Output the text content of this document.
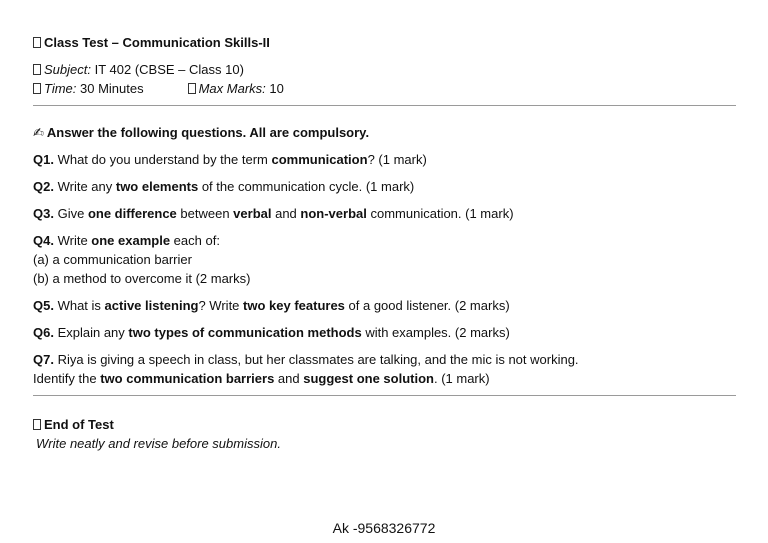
Class Test – Communication Skills-II
Subject: IT 402 (CBSE – Class 10)
Time: 30 Minutes	Max Marks: 10
✍ Answer the following questions. All are compulsory.
Q1. What do you understand by the term communication? (1 mark)
Q2. Write any two elements of the communication cycle. (1 mark)
Q3. Give one difference between verbal and non-verbal communication. (1 mark)
Q4. Write one example each of:
(a) a communication barrier
(b) a method to overcome it (2 marks)
Q5. What is active listening? Write two key features of a good listener. (2 marks)
Q6. Explain any two types of communication methods with examples. (2 marks)
Q7. Riya is giving a speech in class, but her classmates are talking, and the mic is not working.
Identify the two communication barriers and suggest one solution. (1 mark)
End of Test
Write neatly and revise before submission.
Ak -9568326772
